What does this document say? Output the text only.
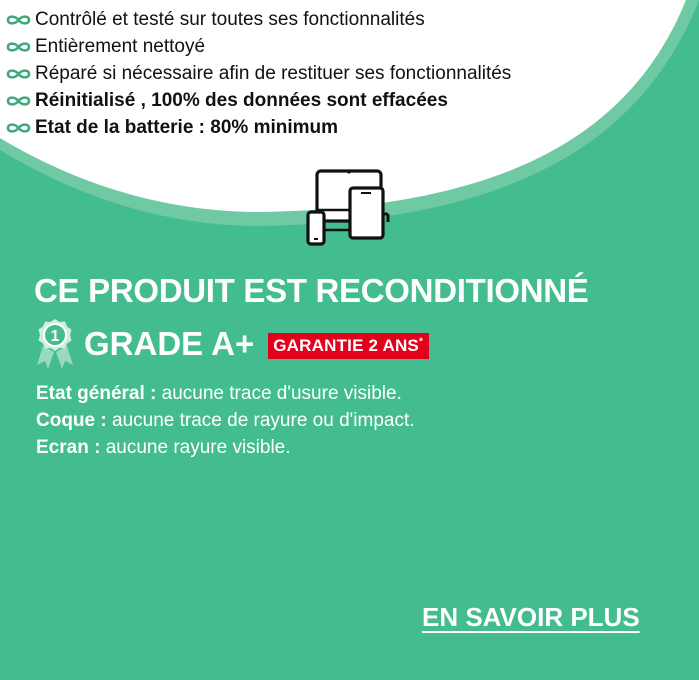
Contrôlé et testé sur toutes ses fonctionnalités
Entièrement nettoyé
Réparé si nécessaire afin de restituer ses fonctionnalités
Réinitialisé , 100% des données sont effacées
Etat de la batterie : 80% minimum
CE PRODUIT EST RECONDITIONNÉ
1 GRADE A+ GARANTIE 2 ANS*
Etat général : aucune trace d'usure visible.
Coque : aucune trace de rayure ou d'impact.
Ecran : aucune rayure visible.
EN SAVOIR PLUS
